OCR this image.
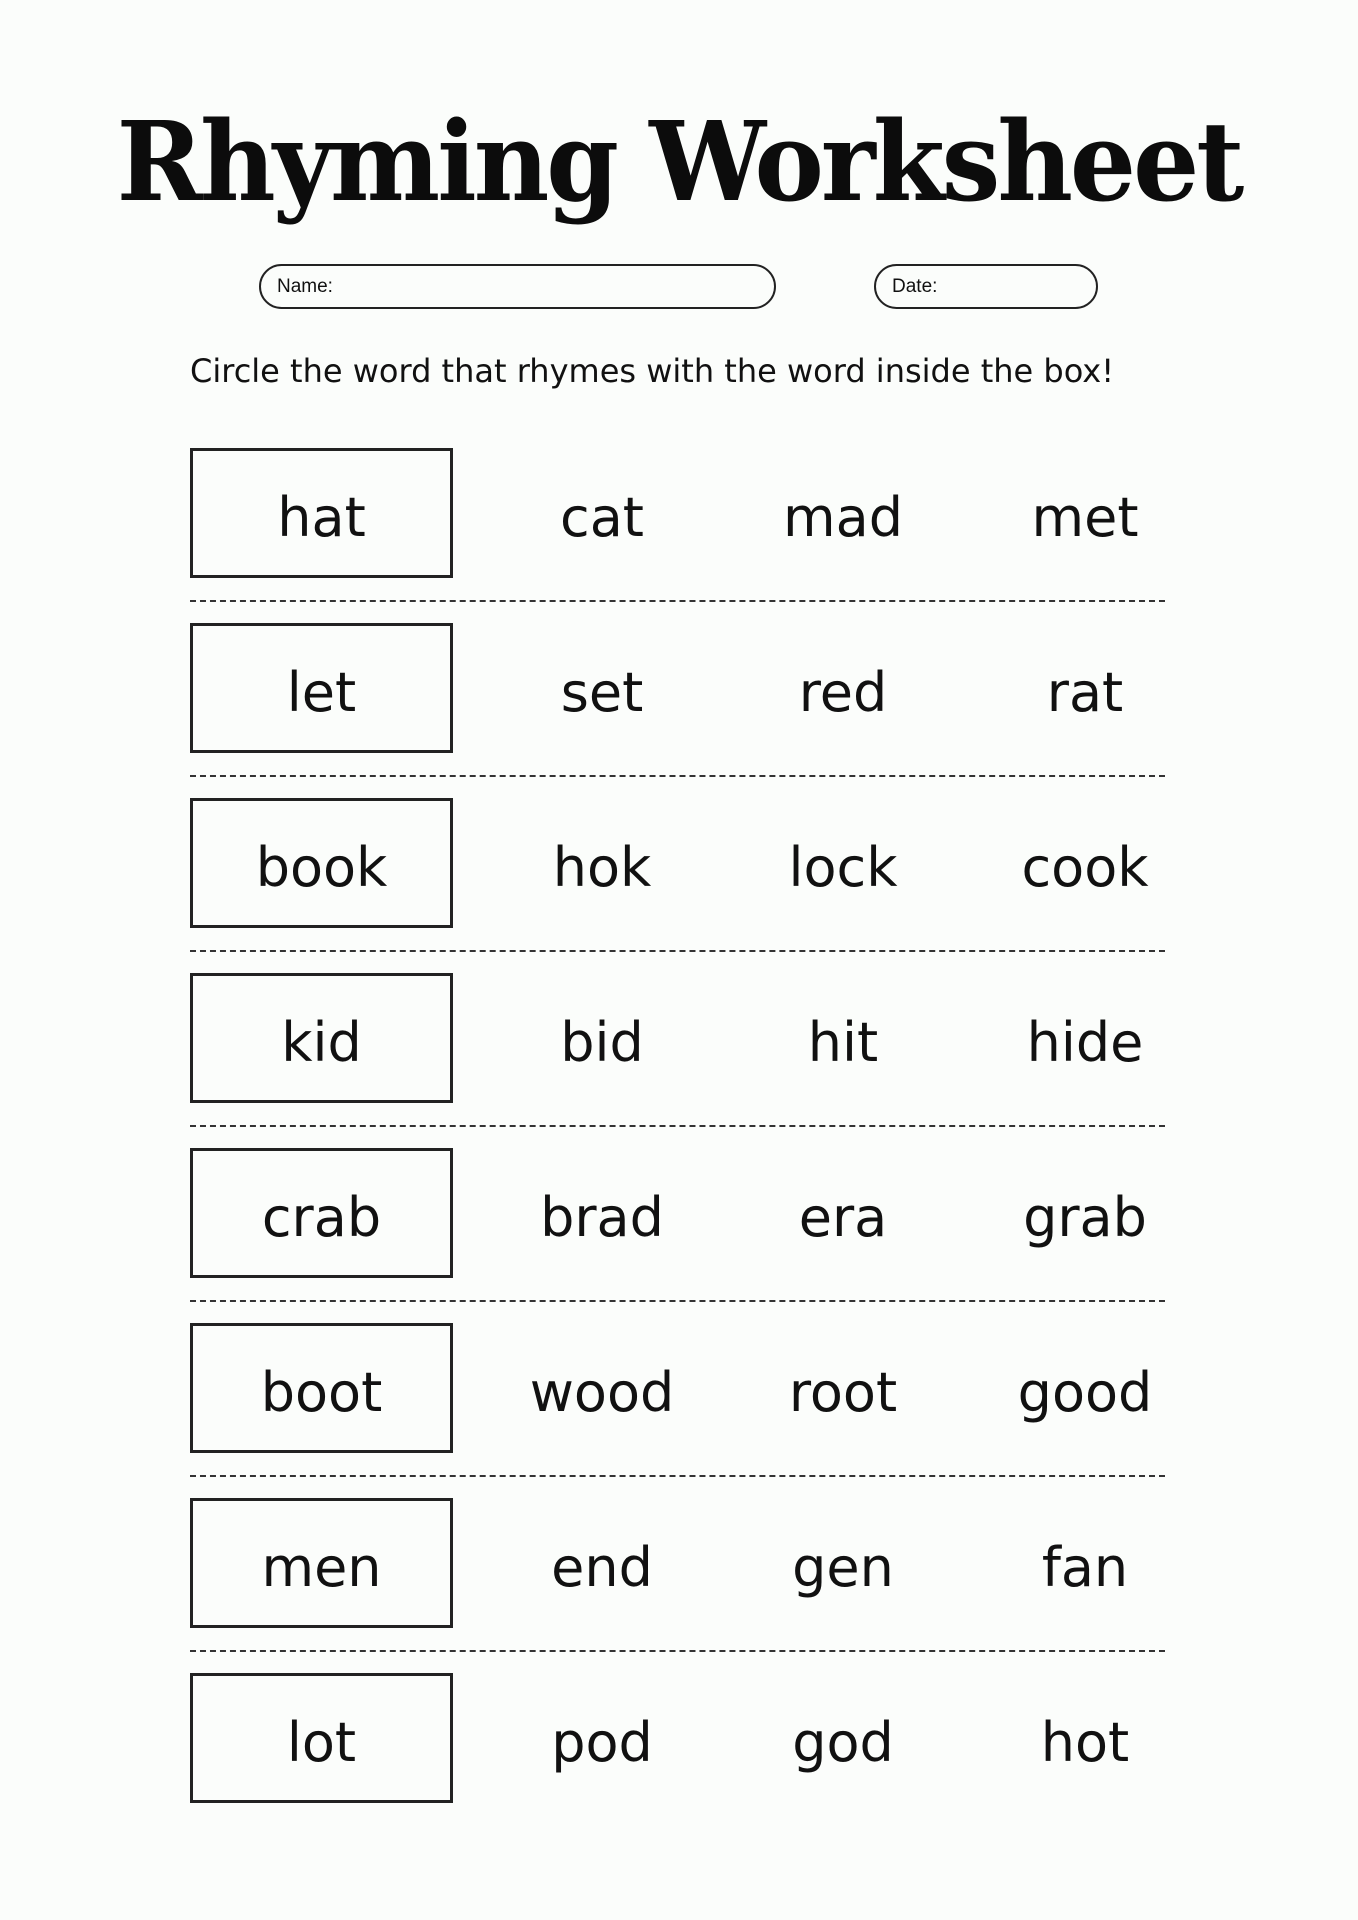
Rhyming Worksheet
Name:	Date:
Circle the word that rhymes with the word inside the box!
hat	cat	mad	met
let	set	red	rat
book	hok	lock	cook
kid	bid	hit	hide
crab	brad	era	grab
boot	wood	root	good
men	end	gen	fan
lot	pod	god	hot
